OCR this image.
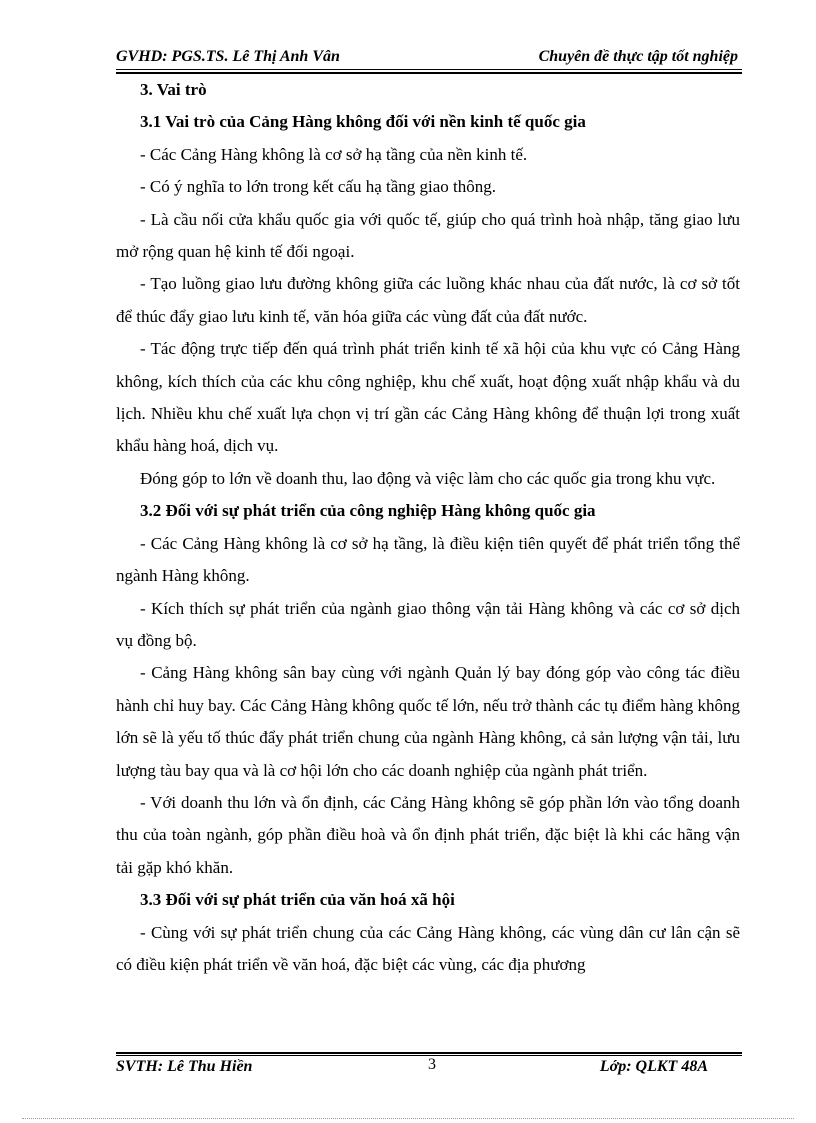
GVHD: PGS.TS. Lê Thị Anh Vân	Chuyên đề thực tập tốt nghiệp

3. Vai trò

3.1 Vai trò của Cảng Hàng không đối với nền kinh tế quốc gia

- Các Cảng Hàng không là cơ sở hạ tầng của nền kinh tế.

- Có ý nghĩa to lớn trong kết cấu hạ tầng giao thông.

- Là cầu nối cửa khẩu quốc gia với quốc tế, giúp cho quá trình hoà nhập, tăng giao lưu mở rộng quan hệ kinh tế đối ngoại.

- Tạo luồng giao lưu đường không giữa các luồng khác nhau của đất nước, là cơ sở tốt để thúc đẩy giao lưu kinh tế, văn hóa giữa các vùng đất của đất nước.

- Tác động trực tiếp đến quá trình phát triển kinh tế xã hội của khu vực có Cảng Hàng không, kích thích của các khu công nghiệp, khu chế xuất, hoạt động xuất nhập khẩu và du lịch. Nhiều khu chế xuất lựa chọn vị trí gần các Cảng Hàng không để thuận lợi trong xuất khẩu hàng hoá, dịch vụ.

Đóng góp to lớn về doanh thu, lao động và việc làm cho các quốc gia trong khu vực.

3.2 Đối với sự phát triển của công nghiệp Hàng không quốc gia

- Các Cảng Hàng không là cơ sở hạ tầng, là điều kiện tiên quyết để phát triển tổng thể ngành Hàng không.

- Kích thích sự phát triển của ngành giao thông vận tải Hàng không và các cơ sở dịch vụ đồng bộ.

- Cảng Hàng không sân bay cùng với ngành Quản lý bay đóng góp vào công tác điều hành chỉ huy bay. Các Cảng Hàng không quốc tế lớn, nếu trở thành các tụ điểm hàng không lớn sẽ là yếu tố thúc đẩy phát triển chung của ngành Hàng không, cả sản lượng vận tải, lưu lượng tàu bay qua và là cơ hội lớn cho các doanh nghiệp của ngành phát triển.

- Với doanh thu lớn và ổn định, các Cảng Hàng không sẽ góp phần lớn vào tổng doanh thu của toàn ngành, góp phần điều hoà và ổn định phát triển, đặc biệt là khi các hãng vận tải gặp khó khăn.

3.3 Đối với sự phát triển của văn hoá xã hội

- Cùng với sự phát triển chung của các Cảng Hàng không, các vùng dân cư lân cận sẽ có điều kiện phát triển về văn hoá, đặc biệt các vùng, các địa phương

SVTH: Lê Thu Hiền	3	Lớp: QLKT 48A
